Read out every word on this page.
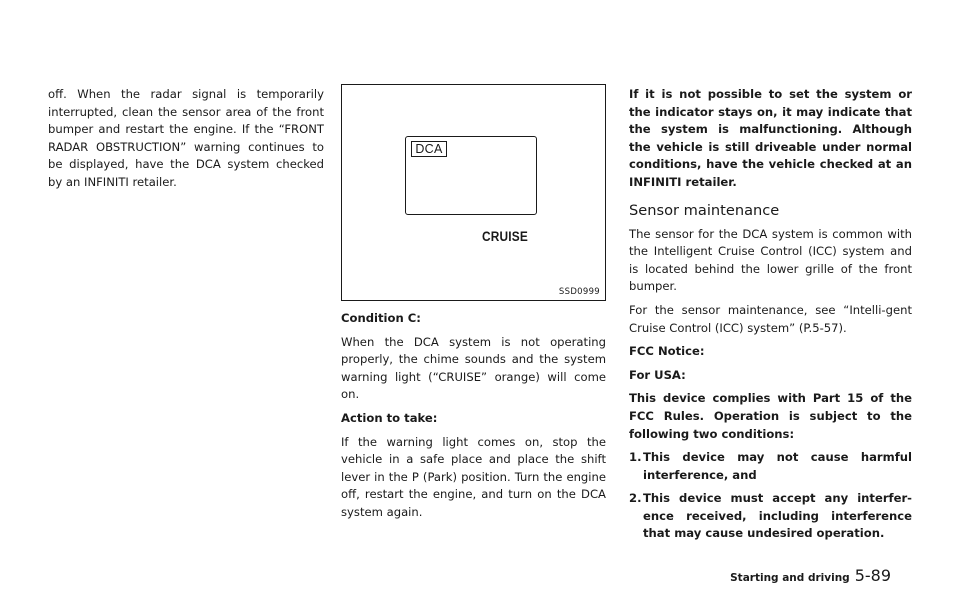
off. When the radar signal is temporarily interrupted, clean the sensor area of the front bumper and restart the engine. If the “FRONT RADAR OBSTRUCTION” warning continues to be displayed, have the DCA system checked by an INFINITI retailer.

DCA
CRUISE
SSD0999

Condition C:

When the DCA system is not operating properly, the chime sounds and the system warning light (“CRUISE” orange) will come on.

Action to take:

If the warning light comes on, stop the vehicle in a safe place and place the shift lever in the P (Park) position. Turn the engine off, restart the engine, and turn on the DCA system again.

If it is not possible to set the system or the indicator stays on, it may indicate that the system is malfunctioning. Although the vehicle is still driveable under normal conditions, have the vehicle checked at an INFINITI retailer.

Sensor maintenance

The sensor for the DCA system is common with the Intelligent Cruise Control (ICC) system and is located behind the lower grille of the front bumper.

For the sensor maintenance, see “Intelli-gent Cruise Control (ICC) system” (P.5-57).

FCC Notice:

For USA:

This device complies with Part 15 of the FCC Rules. Operation is subject to the following two conditions:

1. This device may not cause harmful interference, and
2. This device must accept any interfer-ence received, including interference that may cause undesired operation.
Starting and driving 5-89
